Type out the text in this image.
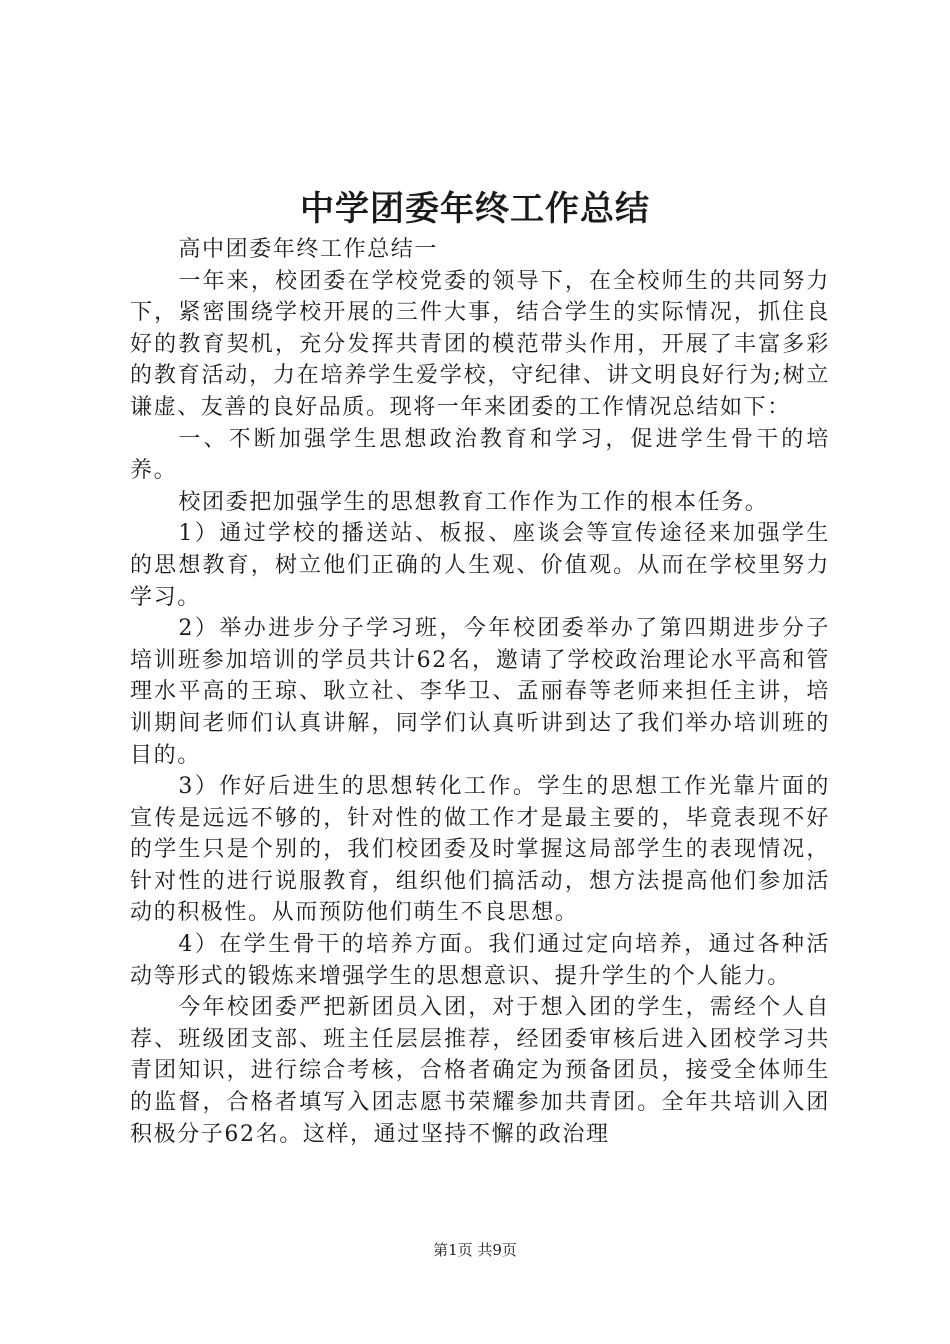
中学团委年终工作总结

高中团委年终工作总结一

一年来，校团委在学校党委的领导下，在全校师生的共同努力下，紧密围绕学校开展的三件大事，结合学生的实际情况，抓住良好的教育契机，充分发挥共青团的模范带头作用，开展了丰富多彩的教育活动，力在培养学生爱学校，守纪律、讲文明良好行为;树立谦虚、友善的良好品质。现将一年来团委的工作情况总结如下：

一、不断加强学生思想政治教育和学习，促进学生骨干的培养。

校团委把加强学生的思想教育工作作为工作的根本任务。

1）通过学校的播送站、板报、座谈会等宣传途径来加强学生的思想教育，树立他们正确的人生观、价值观。从而在学校里努力学习。

2）举办进步分子学习班，今年校团委举办了第四期进步分子培训班参加培训的学员共计62名，邀请了学校政治理论水平高和管理水平高的王琼、耿立社、李华卫、孟丽春等老师来担任主讲，培训期间老师们认真讲解，同学们认真听讲到达了我们举办培训班的目的。

3）作好后进生的思想转化工作。学生的思想工作光靠片面的宣传是远远不够的，针对性的做工作才是最主要的，毕竟表现不好的学生只是个别的，我们校团委及时掌握这局部学生的表现情况，针对性的进行说服教育，组织他们搞活动，想方法提高他们参加活动的积极性。从而预防他们萌生不良思想。

4）在学生骨干的培养方面。我们通过定向培养，通过各种活动等形式的锻炼来增强学生的思想意识、提升学生的个人能力。

今年校团委严把新团员入团，对于想入团的学生，需经个人自荐、班级团支部、班主任层层推荐，经团委审核后进入团校学习共青团知识，进行综合考核，合格者确定为预备团员，接受全体师生的监督，合格者填写入团志愿书荣耀参加共青团。全年共培训入团积极分子62名。这样，通过坚持不懈的政治理

第1页 共9页
